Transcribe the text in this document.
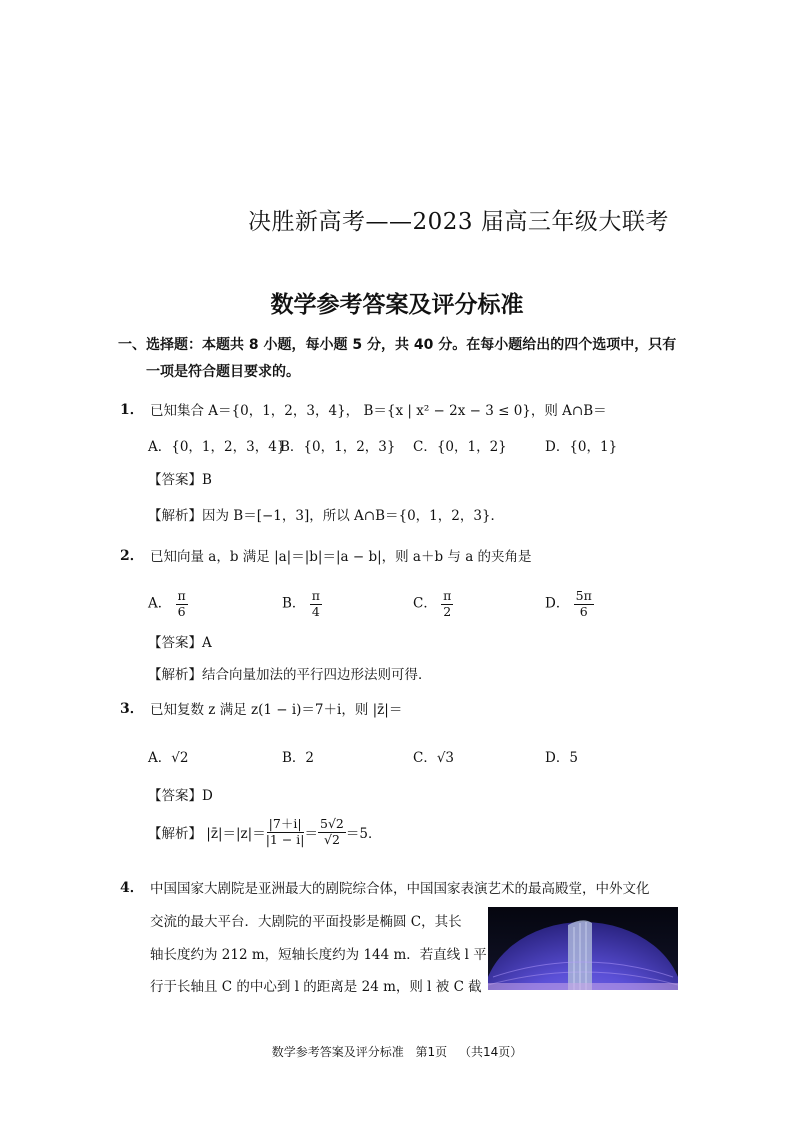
决胜新高考——2023 届高三年级大联考
数学参考答案及评分标准
一、选择题：本题共 8 小题，每小题 5 分，共 40 分。在每小题给出的四个选项中，只有
一项是符合题目要求的。
1． 已知集合 A＝{0，1，2，3，4}， B＝{x | x² − 2x − 3 ≤ 0}，则 A∩B＝
A．{0，1，2，3，4}
B．{0，1，2，3} C．{0，1，2}	D．{0，1}
【答案】B
【解析】因为 B＝[−1，3]，所以 A∩B＝{0，1，2，3}．
2． 已知向量 a，b 满足 |a|＝|b|＝|a − b|，则 a＋b 与 a 的夹角是
A． $\frac{\pi}{6}$	B． $\frac{\pi}{4}$	C． $\frac{\pi}{2}$	D． $\frac{5\pi}{6}$
【答案】A
【解析】结合向量加法的平行四边形法则可得．
3． 已知复数 z 满足 z(1 − i)＝7＋i，则 |z̄|＝
A．√2	B．2	C．√3	D．5
【答案】D
【解析】 |z̄|＝|z|＝ $\frac{|7+i|}{|1 - i|} = \frac{5√2}{√2} =5$．
4． 中国国家大剧院是亚洲最大的剧院综合体，中国国家表演艺术的最高殿堂，中外文化
交流的最大平台．大剧院的平面投影是椭圆 C，其长
轴长度约为 212 m，短轴长度约为 144 m．若直线 l 平
行于长轴且 C 的中心到 l 的距离是 24 m，则 l 被 C 截
数学参考答案及评分标准 第1页 （共14页）
